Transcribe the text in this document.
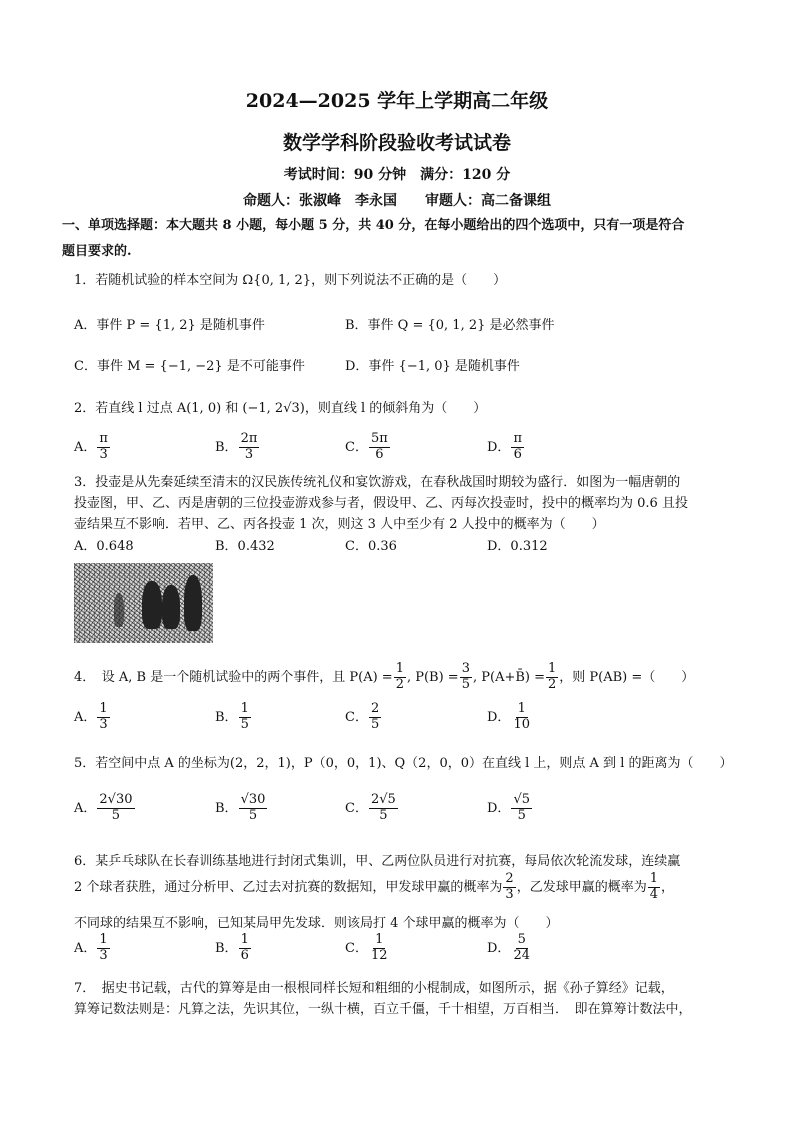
2024—2025 学年上学期高二年级
数学学科阶段验收考试试卷
考试时间：90 分钟　满分：120 分
命题人：张淑峰　李永国　　审题人：高二备课组
一、单项选择题：本大题共 8 小题，每小题 5 分，共 40 分，在每小题给出的四个选项中，只有一项是符合
题目要求的.
1．若随机试验的样本空间为 Ω{0, 1, 2}，则下列说法不正确的是（　　）
A．事件 P = {1, 2} 是随机事件	B．事件 Q = {0, 1, 2} 是必然事件
C．事件 M = {−1, −2} 是不可能事件	D．事件 {−1, 0} 是随机事件
2．若直线 l 过点 A(1, 0) 和 (−1, 2√3)，则直线 l 的倾斜角为（　　）
A． $\frac{\pi}{3}$	B． $\frac{2\pi}{3}$	C． $\frac{5\pi}{6}$	D． $\frac{\pi}{6}$
3．投壶是从先秦延续至清末的汉民族传统礼仪和宴饮游戏，在春秋战国时期较为盛行．如图为一幅唐朝的
投壶图，甲、乙、丙是唐朝的三位投壶游戏参与者，假设甲、乙、丙每次投壶时，投中的概率均为 0.6 且投
壶结果互不影响．若甲、乙、丙各投壶 1 次，则这 3 人中至少有 2 人投中的概率为（　　）
A．0.648	B．0.432	C．0.36	D．0.312
4．　设 A, B 是一个随机试验中的两个事件，且 $P(A) = \frac{1}{2}$ , $P(B) = \frac{3}{5}$ , P(A+B̄) = $\frac{1}{2}$ ，则 P(AB) =（　　）
A． $\frac{1}{3}$	B． $\frac{1}{5}$	C． $\frac{2}{5}$	D． $\frac{1}{10}$
5．若空间中点 A 的坐标为(2，2，1)，P（0，0，1)、Q（2，0，0）在直线 l 上，则点 A 到 l 的距离为（　　）
A． $\frac{2√30}{5}$	B． $\frac{√30}{5}$	C． $\frac{2√5}{5}$	D． $\frac{√5}{5}$
6．某乒乓球队在长春训练基地进行封闭式集训，甲、乙两位队员进行对抗赛，每局依次轮流发球，连续赢
2 个球者获胜，通过分析甲、乙过去对抗赛的数据知，甲发球甲赢的概率为 $\frac{2}{3}$ ，乙发球甲赢的概率为 $\frac{1}{4}$ ，
不同球的结果互不影响，已知某局甲先发球．则该局打 4 个球甲赢的概率为（　　）
A． $\frac{1}{3}$	B． $\frac{1}{6}$	C． $\frac{1}{12}$	D． $\frac{5}{24}$
7．　据史书记载，古代的算筹是由一根根同样长短和粗细的小棍制成，如图所示，据《孙子算经》记载，
算筹记数法则是：凡算之法，先识其位，一纵十横，百立千僵，千十相望，万百相当．　即在算筹计数法中，
